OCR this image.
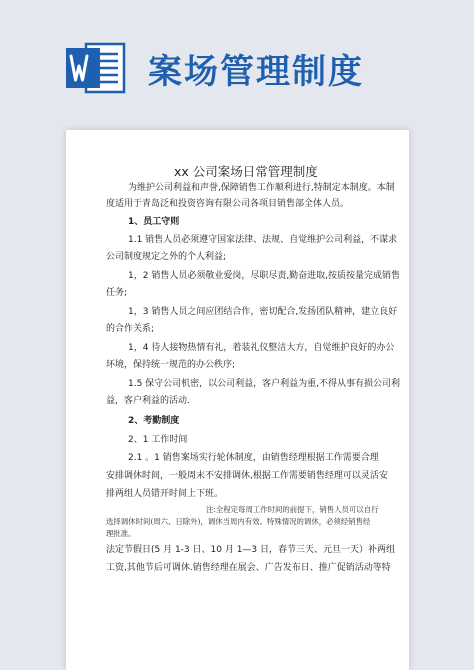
案场管理制度
xx 公司案场日常管理制度
为维护公司利益和声誉,保障销售工作顺利进行,特制定本制度。本制
度适用于青岛泛和投资咨询有限公司各项目销售部全体人员。
1、员工守则
1.1 销售人员必须遵守国家法律、法规、自觉维护公司利益，不谋求
公司制度规定之外的个人利益;
1，2 销售人员必须敬业爱岗，尽职尽责,勤奋进取,按质按量完成销售
任务;
1，3 销售人员之间应团结合作，密切配合,发扬团队精神，建立良好
的合作关系;
1，4 待人接物热情有礼，着装礼仪整洁大方，自觉维护良好的办公
环境，保持统一规范的办公秩序;
1.5 保守公司机密，以公司利益，客户利益为重,不得从事有损公司利
益，客户利益的活动.
2、考勤制度
2、1 工作时间
2.1 。1 销售案场实行轮休制度，由销售经理根据工作需要合理
安排调休时间，一般周末不安排调休,根据工作需要销售经理可以灵活安
排两组人员错开时间上下班。
注:全程定每周工作时间的前提下，销售人员可以自行
选择调休时间(周六、日除外)，调休当周内有效。特殊情况的调休，必须经销售经
理批准。
法定节假日(5 月 1-3 日、10 月 1—3 日，春节三天、元旦一天）补两组
工资,其他节后可调休.销售经理在展会、广告发布日、推广促销活动等特
